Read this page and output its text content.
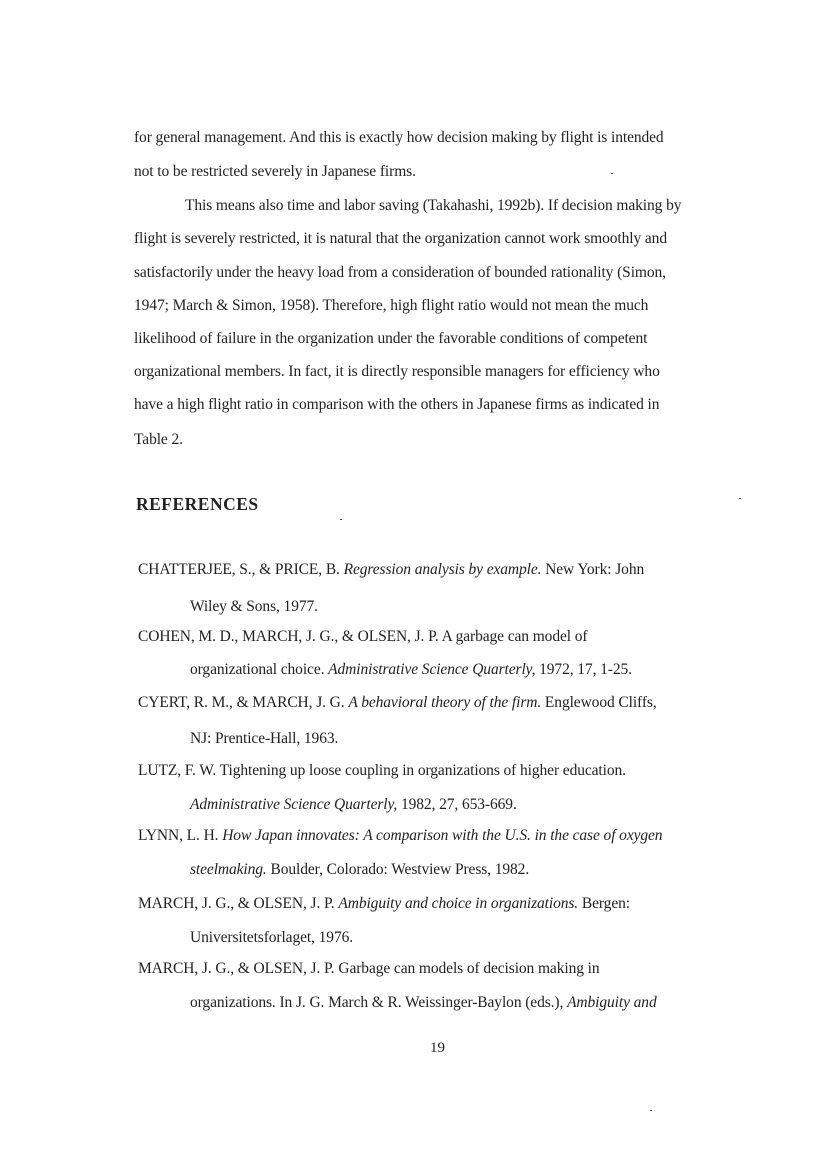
for general management. And this is exactly how decision making by flight is intended
not to be restricted severely in Japanese firms.
This means also time and labor saving (Takahashi, 1992b). If decision making by
flight is severely restricted, it is natural that the organization cannot work smoothly and
satisfactorily under the heavy load from a consideration of bounded rationality (Simon,
1947; March & Simon, 1958). Therefore, high flight ratio would not mean the much
likelihood of failure in the organization under the favorable conditions of competent
organizational members. In fact, it is directly responsible managers for efficiency who
have a high flight ratio in comparison with the others in Japanese firms as indicated in
Table 2.
REFERENCES
CHATTERJEE, S., & PRICE, B. Regression analysis by example. New York: John
Wiley & Sons, 1977.
COHEN, M. D., MARCH, J. G., & OLSEN, J. P. A garbage can model of
organizational choice. Administrative Science Quarterly, 1972, 17, 1-25.
CYERT, R. M., & MARCH, J. G. A behavioral theory of the firm. Englewood Cliffs,
NJ: Prentice-Hall, 1963.
LUTZ, F. W. Tightening up loose coupling in organizations of higher education.
Administrative Science Quarterly, 1982, 27, 653-669.
LYNN, L. H. How Japan innovates: A comparison with the U.S. in the case of oxygen
steelmaking. Boulder, Colorado: Westview Press, 1982.
MARCH, J. G., & OLSEN, J. P. Ambiguity and choice in organizations. Bergen:
Universitetsforlaget, 1976.
MARCH, J. G., & OLSEN, J. P. Garbage can models of decision making in
organizations. In J. G. March & R. Weissinger-Baylon (eds.), Ambiguity and
19
